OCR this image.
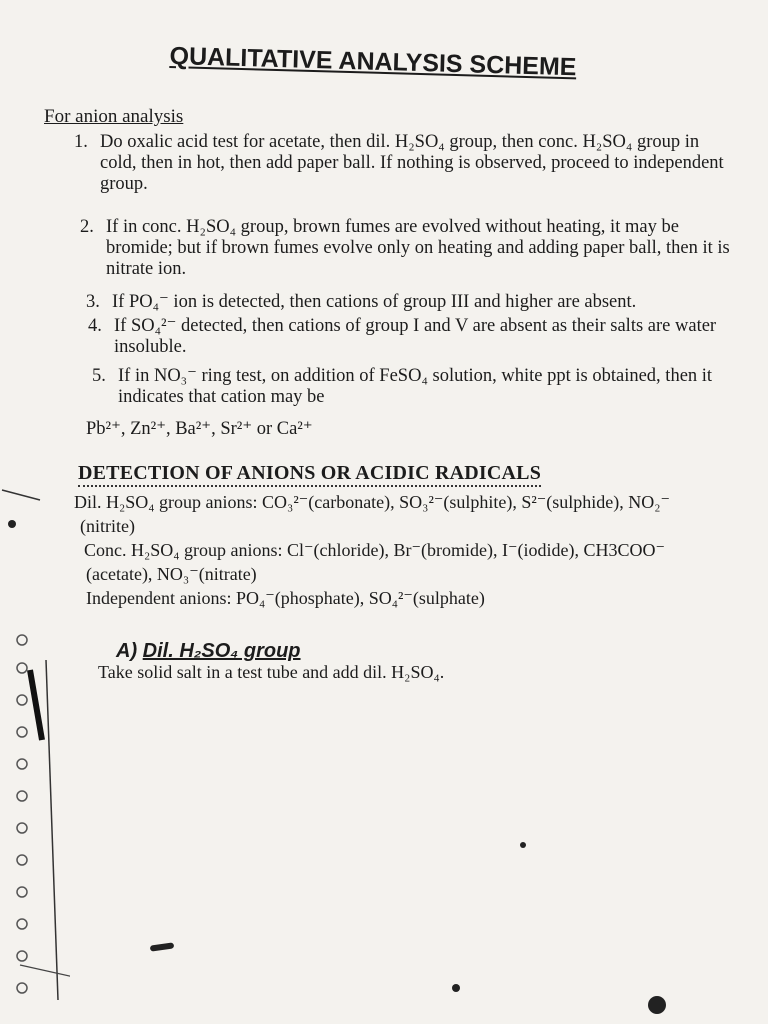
QUALITATIVE ANALYSIS SCHEME
For anion analysis
1. Do oxalic acid test for acetate, then dil. H₂SO₄ group, then conc. H₂SO₄ group in cold, then in hot, then add paper ball. If nothing is observed, proceed to independent group.
2. If in conc. H₂SO₄ group, brown fumes are evolved without heating, it may be bromide; but if brown fumes evolve only on heating and adding paper ball, then it is nitrate ion.
3. If PO₄⁻ ion is detected, then cations of group III and higher are absent.
4. If SO₄²⁻ detected, then cations of group I and V are absent as their salts are water insoluble.
5. If in NO₃⁻ ring test, on addition of FeSO₄ solution, white ppt is obtained, then it indicates that cation may be
Pb²⁺, Zn²⁺, Ba²⁺, Sr²⁺ or Ca²⁺
DETECTION OF ANIONS OR ACIDIC RADICALS
Dil. H₂SO₄ group anions: CO₃²⁻(carbonate), SO₃²⁻(sulphite), S²⁻(sulphide), NO₂⁻
(nitrite)
Conc. H₂SO₄ group anions: Cl⁻(chloride), Br⁻(bromide), I⁻(iodide), CH3COO⁻
(acetate), NO₃⁻(nitrate)
Independent anions: PO₄⁻(phosphate), SO₄²⁻(sulphate)
A) Dil. H₂SO₄ group
Take solid salt in a test tube and add dil. H₂SO₄.
